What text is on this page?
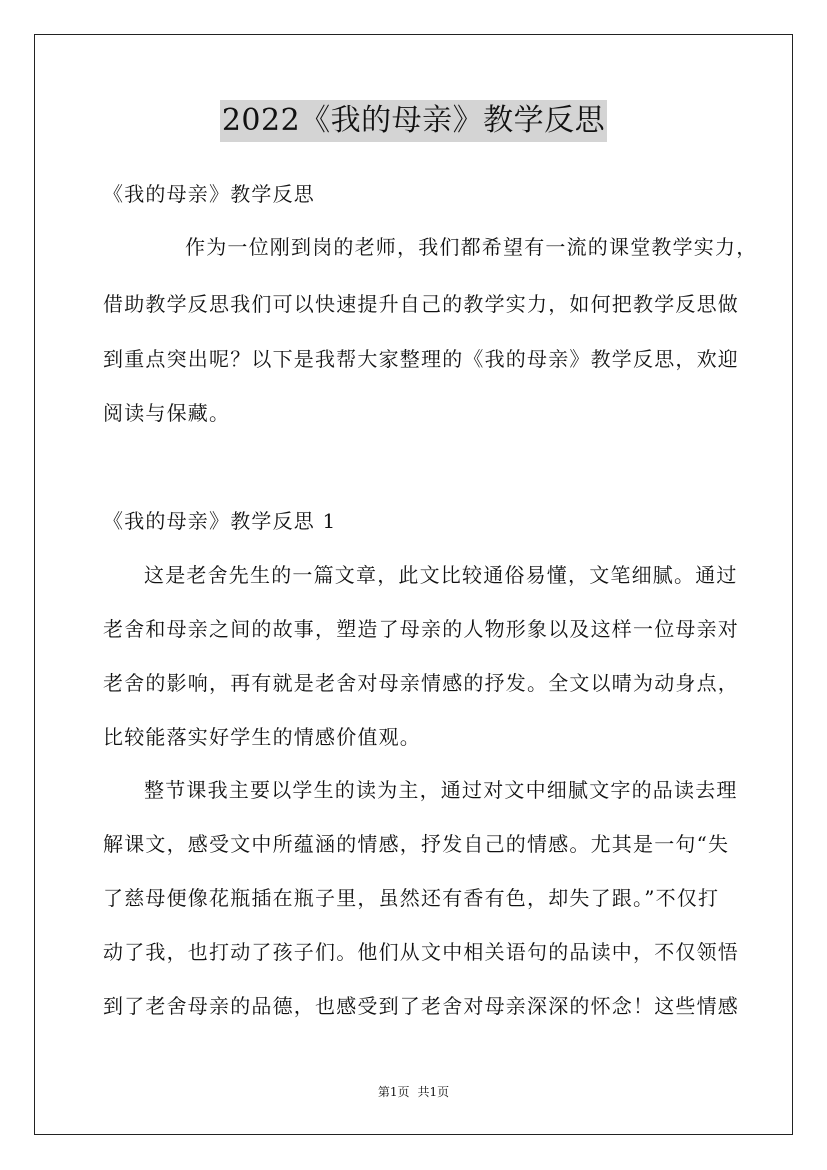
2022《我的母亲》教学反思
《我的母亲》教学反思
作为一位刚到岗的老师，我们都希望有一流的课堂教学实力，
借助教学反思我们可以快速提升自己的教学实力，如何把教学反思做
到重点突出呢？以下是我帮大家整理的《我的母亲》教学反思，欢迎
阅读与保藏。
《我的母亲》教学反思 1
这是老舍先生的一篇文章，此文比较通俗易懂，文笔细腻。通过
老舍和母亲之间的故事，塑造了母亲的人物形象以及这样一位母亲对
老舍的影响，再有就是老舍对母亲情感的抒发。全文以晴为动身点，
比较能落实好学生的情感价值观。
整节课我主要以学生的读为主，通过对文中细腻文字的品读去理
解课文，感受文中所蕴涵的情感，抒发自己的情感。尤其是一句“失
了慈母便像花瓶插在瓶子里，虽然还有香有色，却失了跟。”不仅打
动了我，也打动了孩子们。他们从文中相关语句的品读中，不仅领悟
到了老舍母亲的品德，也感受到了老舍对母亲深深的怀念！这些情感
第1页 共1页
